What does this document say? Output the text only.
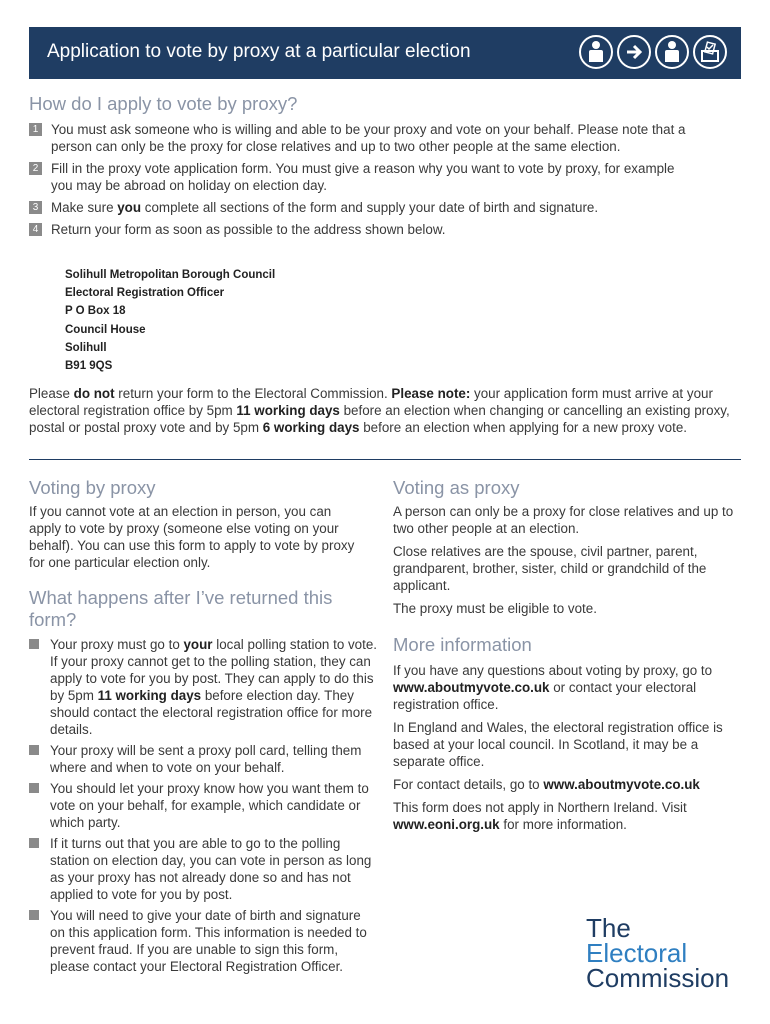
Application to vote by proxy at a particular election
How do I apply to vote by proxy?
1 You must ask someone who is willing and able to be your proxy and vote on your behalf. Please note that a person can only be the proxy for close relatives and up to two other people at the same election.
2 Fill in the proxy vote application form. You must give a reason why you want to vote by proxy, for example you may be abroad on holiday on election day.
3 Make sure you complete all sections of the form and supply your date of birth and signature.
4 Return your form as soon as possible to the address shown below.
Solihull Metropolitan Borough Council
Electoral Registration Officer
P O Box 18
Council House
Solihull
B91 9QS
Please do not return your form to the Electoral Commission. Please note: your application form must arrive at your electoral registration office by 5pm 11 working days before an election when changing or cancelling an existing proxy, postal or postal proxy vote and by 5pm 6 working days before an election when applying for a new proxy vote.
Voting by proxy
If you cannot vote at an election in person, you can apply to vote by proxy (someone else voting on your behalf). You can use this form to apply to vote by proxy for one particular election only.
What happens after I’ve returned this form?
Your proxy must go to your local polling station to vote. If your proxy cannot get to the polling station, they can apply to vote for you by post. They can apply to do this by 5pm 11 working days before election day. They should contact the electoral registration office for more details.
Your proxy will be sent a proxy poll card, telling them where and when to vote on your behalf.
You should let your proxy know how you want them to vote on your behalf, for example, which candidate or which party.
If it turns out that you are able to go to the polling station on election day, you can vote in person as long as your proxy has not already done so and has not applied to vote for you by post.
You will need to give your date of birth and signature on this application form. This information is needed to prevent fraud. If you are unable to sign this form, please contact your Electoral Registration Officer.
Voting as proxy

A person can only be a proxy for close relatives and up to two other people at an election.

Close relatives are the spouse, civil partner, parent, grandparent, brother, sister, child or grandchild of the applicant.

The proxy must be eligible to vote.

More information

If you have any questions about voting by proxy, go to www.aboutmyvote.co.uk or contact your electoral registration office.

In England and Wales, the electoral registration office is based at your local council. In Scotland, it may be a separate office.

For contact details, go to www.aboutmyvote.co.uk

This form does not apply in Northern Ireland. Visit www.eoni.org.uk for more information.

The
Electoral
Commission
